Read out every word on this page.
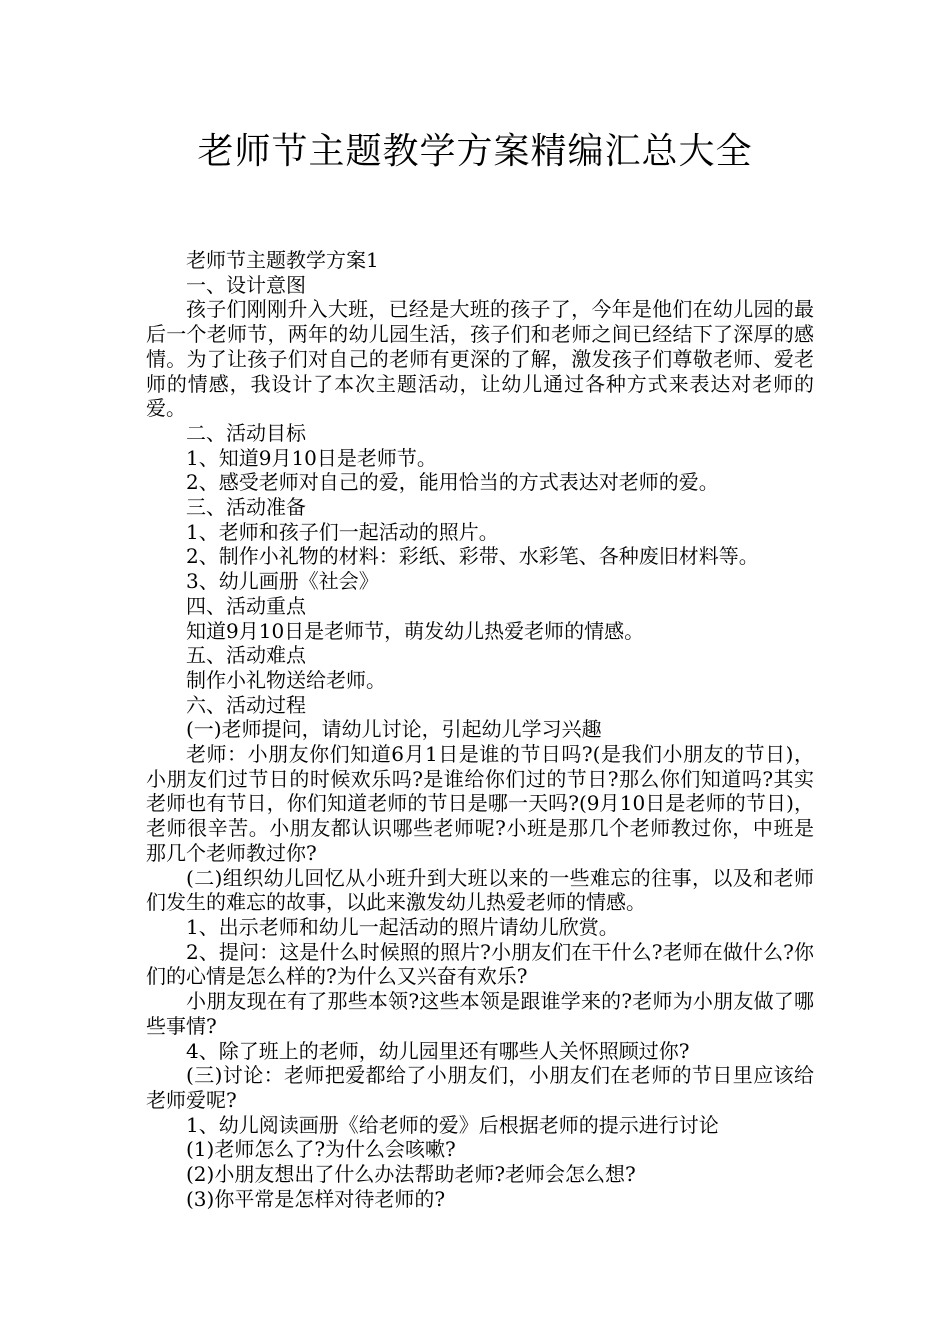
老师节主题教学方案精编汇总大全

老师节主题教学方案1

一、设计意图

孩子们刚刚升入大班，已经是大班的孩子了，今年是他们在幼儿园的最后一个老师节，两年的幼儿园生活，孩子们和老师之间已经结下了深厚的感情。为了让孩子们对自己的老师有更深的了解，激发孩子们尊敬老师、爱老师的情感，我设计了本次主题活动，让幼儿通过各种方式来表达对老师的爱。

二、活动目标

1、知道9月10日是老师节。

2、感受老师对自己的爱，能用恰当的方式表达对老师的爱。

三、活动准备

1、老师和孩子们一起活动的照片。

2、制作小礼物的材料：彩纸、彩带、水彩笔、各种废旧材料等。

3、幼儿画册《社会》

四、活动重点

知道9月10日是老师节，萌发幼儿热爱老师的情感。

五、活动难点

制作小礼物送给老师。

六、活动过程

(一)老师提问，请幼儿讨论，引起幼儿学习兴趣

老师：小朋友你们知道6月1日是谁的节日吗?(是我们小朋友的节日)，小朋友们过节日的时候欢乐吗?是谁给你们过的节日?那么你们知道吗?其实老师也有节日，你们知道老师的节日是哪一天吗?(9月10日是老师的节日)，老师很辛苦。小朋友都认识哪些老师呢?小班是那几个老师教过你，中班是那几个老师教过你?

(二)组织幼儿回忆从小班升到大班以来的一些难忘的往事，以及和老师们发生的难忘的故事，以此来激发幼儿热爱老师的情感。

1、出示老师和幼儿一起活动的照片请幼儿欣赏。

2、提问：这是什么时候照的照片?小朋友们在干什么?老师在做什么?你们的心情是怎么样的?为什么又兴奋有欢乐?

小朋友现在有了那些本领?这些本领是跟谁学来的?老师为小朋友做了哪些事情?

4、除了班上的老师，幼儿园里还有哪些人关怀照顾过你?

(三)讨论：老师把爱都给了小朋友们，小朋友们在老师的节日里应该给老师爱呢?

1、幼儿阅读画册《给老师的爱》后根据老师的提示进行讨论

(1)老师怎么了?为什么会咳嗽?

(2)小朋友想出了什么办法帮助老师?老师会怎么想?

(3)你平常是怎样对待老师的?
